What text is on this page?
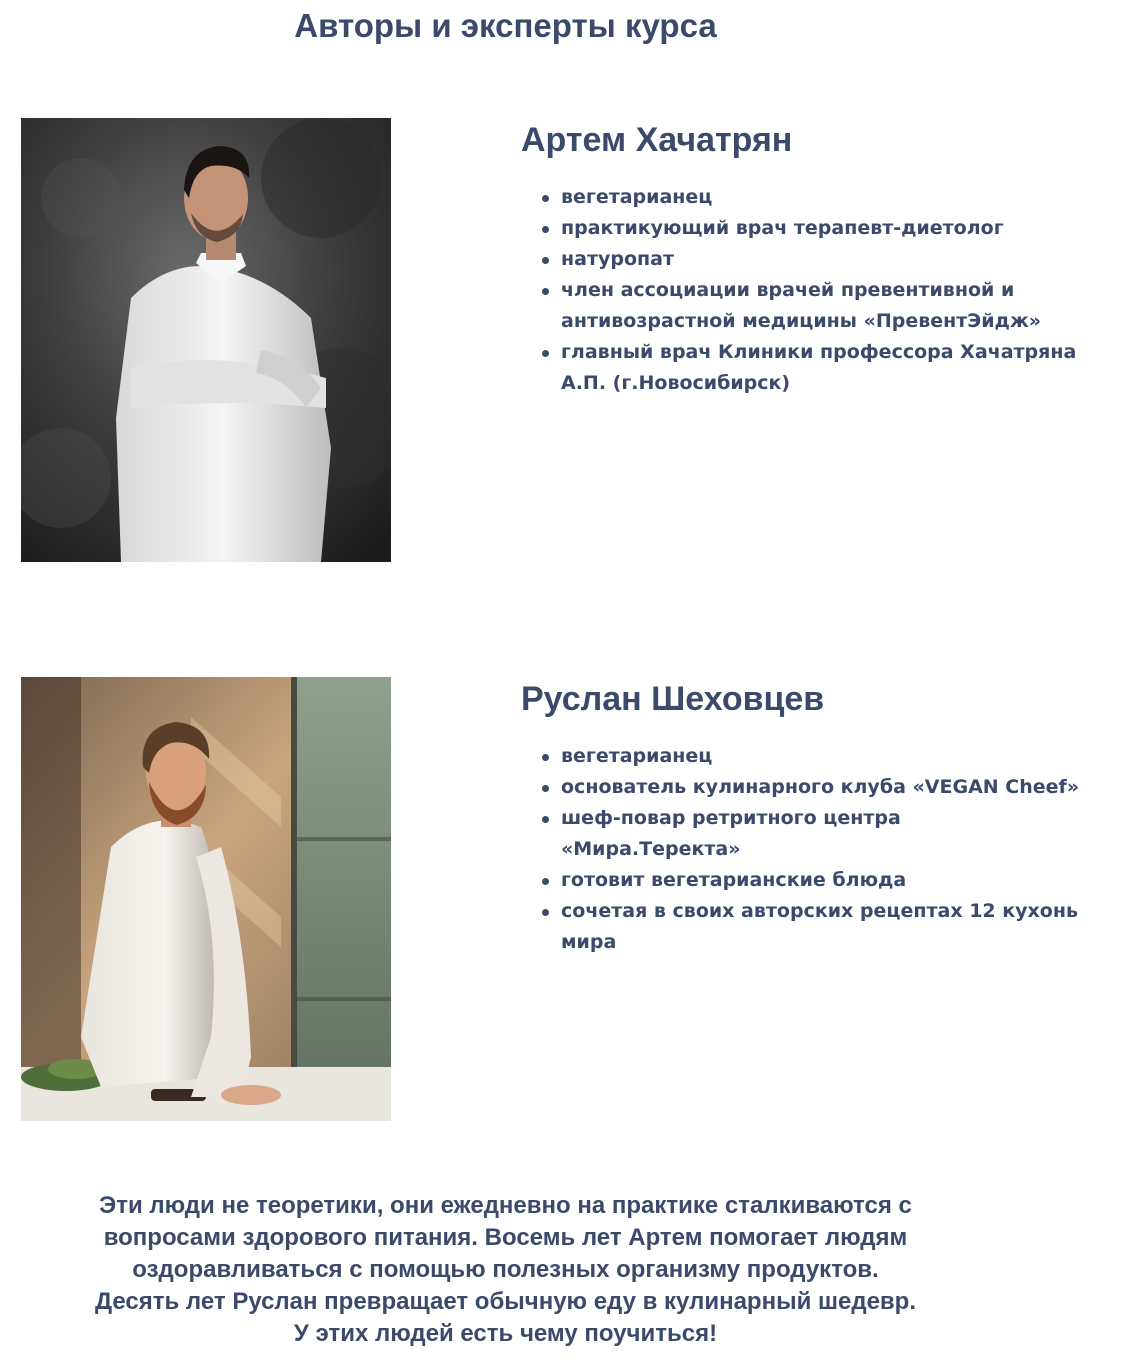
Авторы и эксперты курса
Артем Хачатрян
вегетарианец
практикующий врач терапевт-диетолог
натуропат
член ассоциации врачей превентивной и антивозрастной медицины «ПревентЭйдж»
главный врач Клиники профессора Хачатряна А.П. (г.Новосибирск)
Руслан Шеховцев
вегетарианец
основатель кулинарного клуба «VEGAN Cheef»
шеф-повар ретритного центра «Мира.Теректа»
готовит вегетарианские блюда
сочетая в своих авторских рецептах 12 кухонь мира

Эти люди не теоретики, они ежедневно на практике сталкиваются с

вопросами здорового питания. Восемь лет Артем помогает людям

оздоравливаться с помощью полезных организму продуктов.

Десять лет Руслан превращает обычную еду в кулинарный шедевр.

У этих людей есть чему поучиться!
